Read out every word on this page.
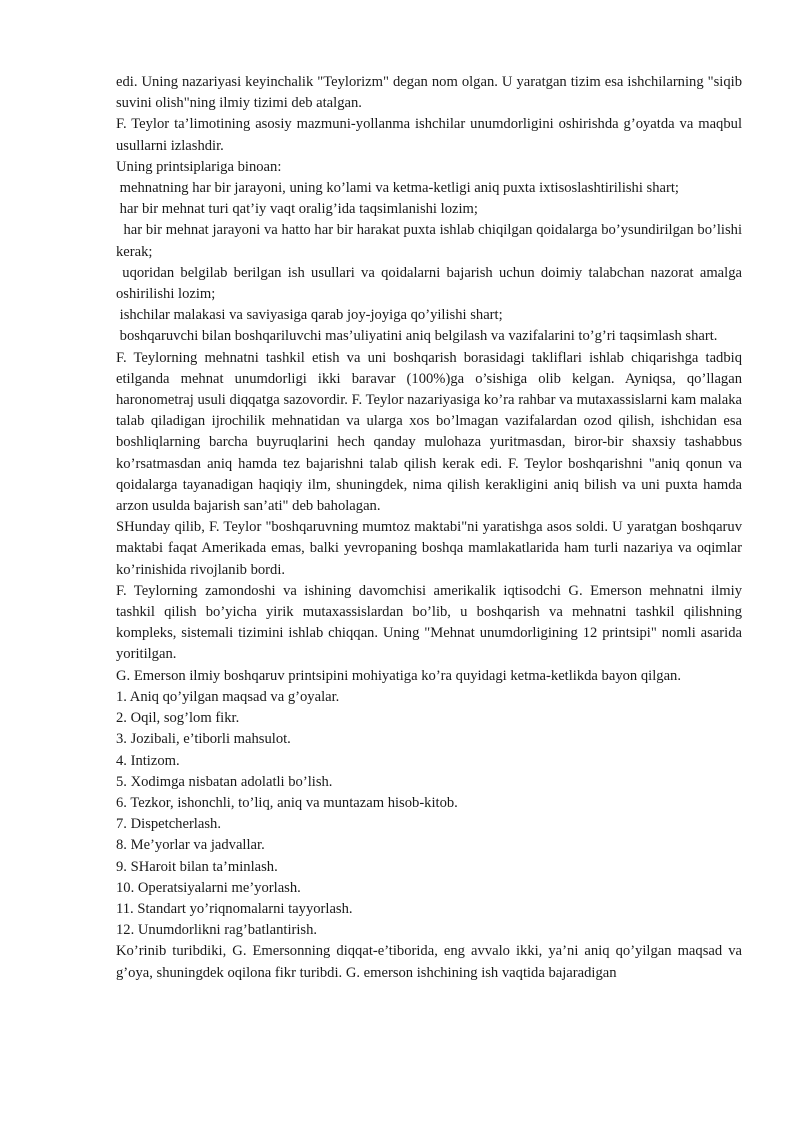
edi. Uning nazariyasi keyinchalik "Teylorizm" degan nom olgan. U yaratgan tizim esa ishchilarning "siqib suvini olish"ning ilmiy tizimi deb atalgan.

F. Teylor ta’limotining asosiy mazmuni-yollanma ishchilar unumdorligini oshirishda g’oyatda va maqbul usullarni izlashdir.

Uning printsiplariga binoan:

mehnatning har bir jarayoni, uning ko’lami va ketma-ketligi aniq puxta ixtisoslashtirilishi shart;

har bir mehnat turi qat’iy vaqt oralig’ida taqsimlanishi lozim;

har bir mehnat jarayoni va hatto har bir harakat puxta ishlab chiqilgan qoidalarga bo’ysundirilgan bo’lishi kerak;

uqoridan belgilab berilgan ish usullari va qoidalarni bajarish uchun doimiy talabchan nazorat amalga oshirilishi lozim;

ishchilar malakasi va saviyasiga qarab joy-joyiga qo’yilishi shart;

boshqaruvchi bilan boshqariluvchi mas’uliyatini aniq belgilash va vazifalarini to’g’ri taqsimlash shart.

F. Teylorning mehnatni tashkil etish va uni boshqarish borasidagi takliflari ishlab chiqarishga tadbiq etilganda mehnat unumdorligi ikki baravar (100%)ga o’sishiga olib kelgan. Ayniqsa, qo’llagan haronometraj usuli diqqatga sazovordir. F. Teylor nazariyasiga ko’ra rahbar va mutaxassislarni kam malaka talab qiladigan ijrochilik mehnatidan va ularga xos bo’lmagan vazifalardan ozod qilish, ishchidan esa boshliqlarning barcha buyruqlarini hech qanday mulohaza yuritmasdan, biror-bir shaxsiy tashabbus ko’rsatmasdan aniq hamda tez bajarishni talab qilish kerak edi. F. Teylor boshqarishni "aniq qonun va qoidalarga tayanadigan haqiqiy ilm, shuningdek, nima qilish kerakligini aniq bilish va uni puxta hamda arzon usulda bajarish san’ati" deb baholagan.

SHunday qilib, F. Teylor "boshqaruvning mumtoz maktabi"ni yaratishga asos soldi. U yaratgan boshqaruv maktabi faqat Amerikada emas, balki yevropaning boshqa mamlakatlarida ham turli nazariya va oqimlar ko’rinishida rivojlanib bordi.

F. Teylorning zamondoshi va ishining davomchisi amerikalik iqtisodchi G. Emerson mehnatni ilmiy tashkil qilish bo’yicha yirik mutaxassislardan bo’lib, u boshqarish va mehnatni tashkil qilishning kompleks, sistemali tizimini ishlab chiqqan. Uning "Mehnat unumdorligining 12 printsipi" nomli asarida yoritilgan.

G. Emerson ilmiy boshqaruv printsipini mohiyatiga ko’ra quyidagi ketma-ketlikda bayon qilgan.

1. Aniq qo’yilgan maqsad va g’oyalar.

2. Oqil, sog’lom fikr.

3. Jozibali, e’tiborli mahsulot.

4. Intizom.

5. Xodimga nisbatan adolatli bo’lish.

6. Tezkor, ishonchli, to’liq, aniq va muntazam hisob-kitob.

7. Dispetcherlash.

8. Me’yorlar va jadvallar.

9. SHaroit bilan ta’minlash.

10. Operatsiyalarni me’yorlash.

11. Standart yo’riqnomalarni tayyorlash.

12. Unumdorlikni rag’batlantirish.

Ko’rinib turibdiki, G. Emersonning diqqat-e’tiborida, eng avvalo ikki, ya’ni aniq qo’yilgan maqsad va g’oya, shuningdek oqilona fikr turibdi. G. emerson ishchining ish vaqtida bajaradigan
